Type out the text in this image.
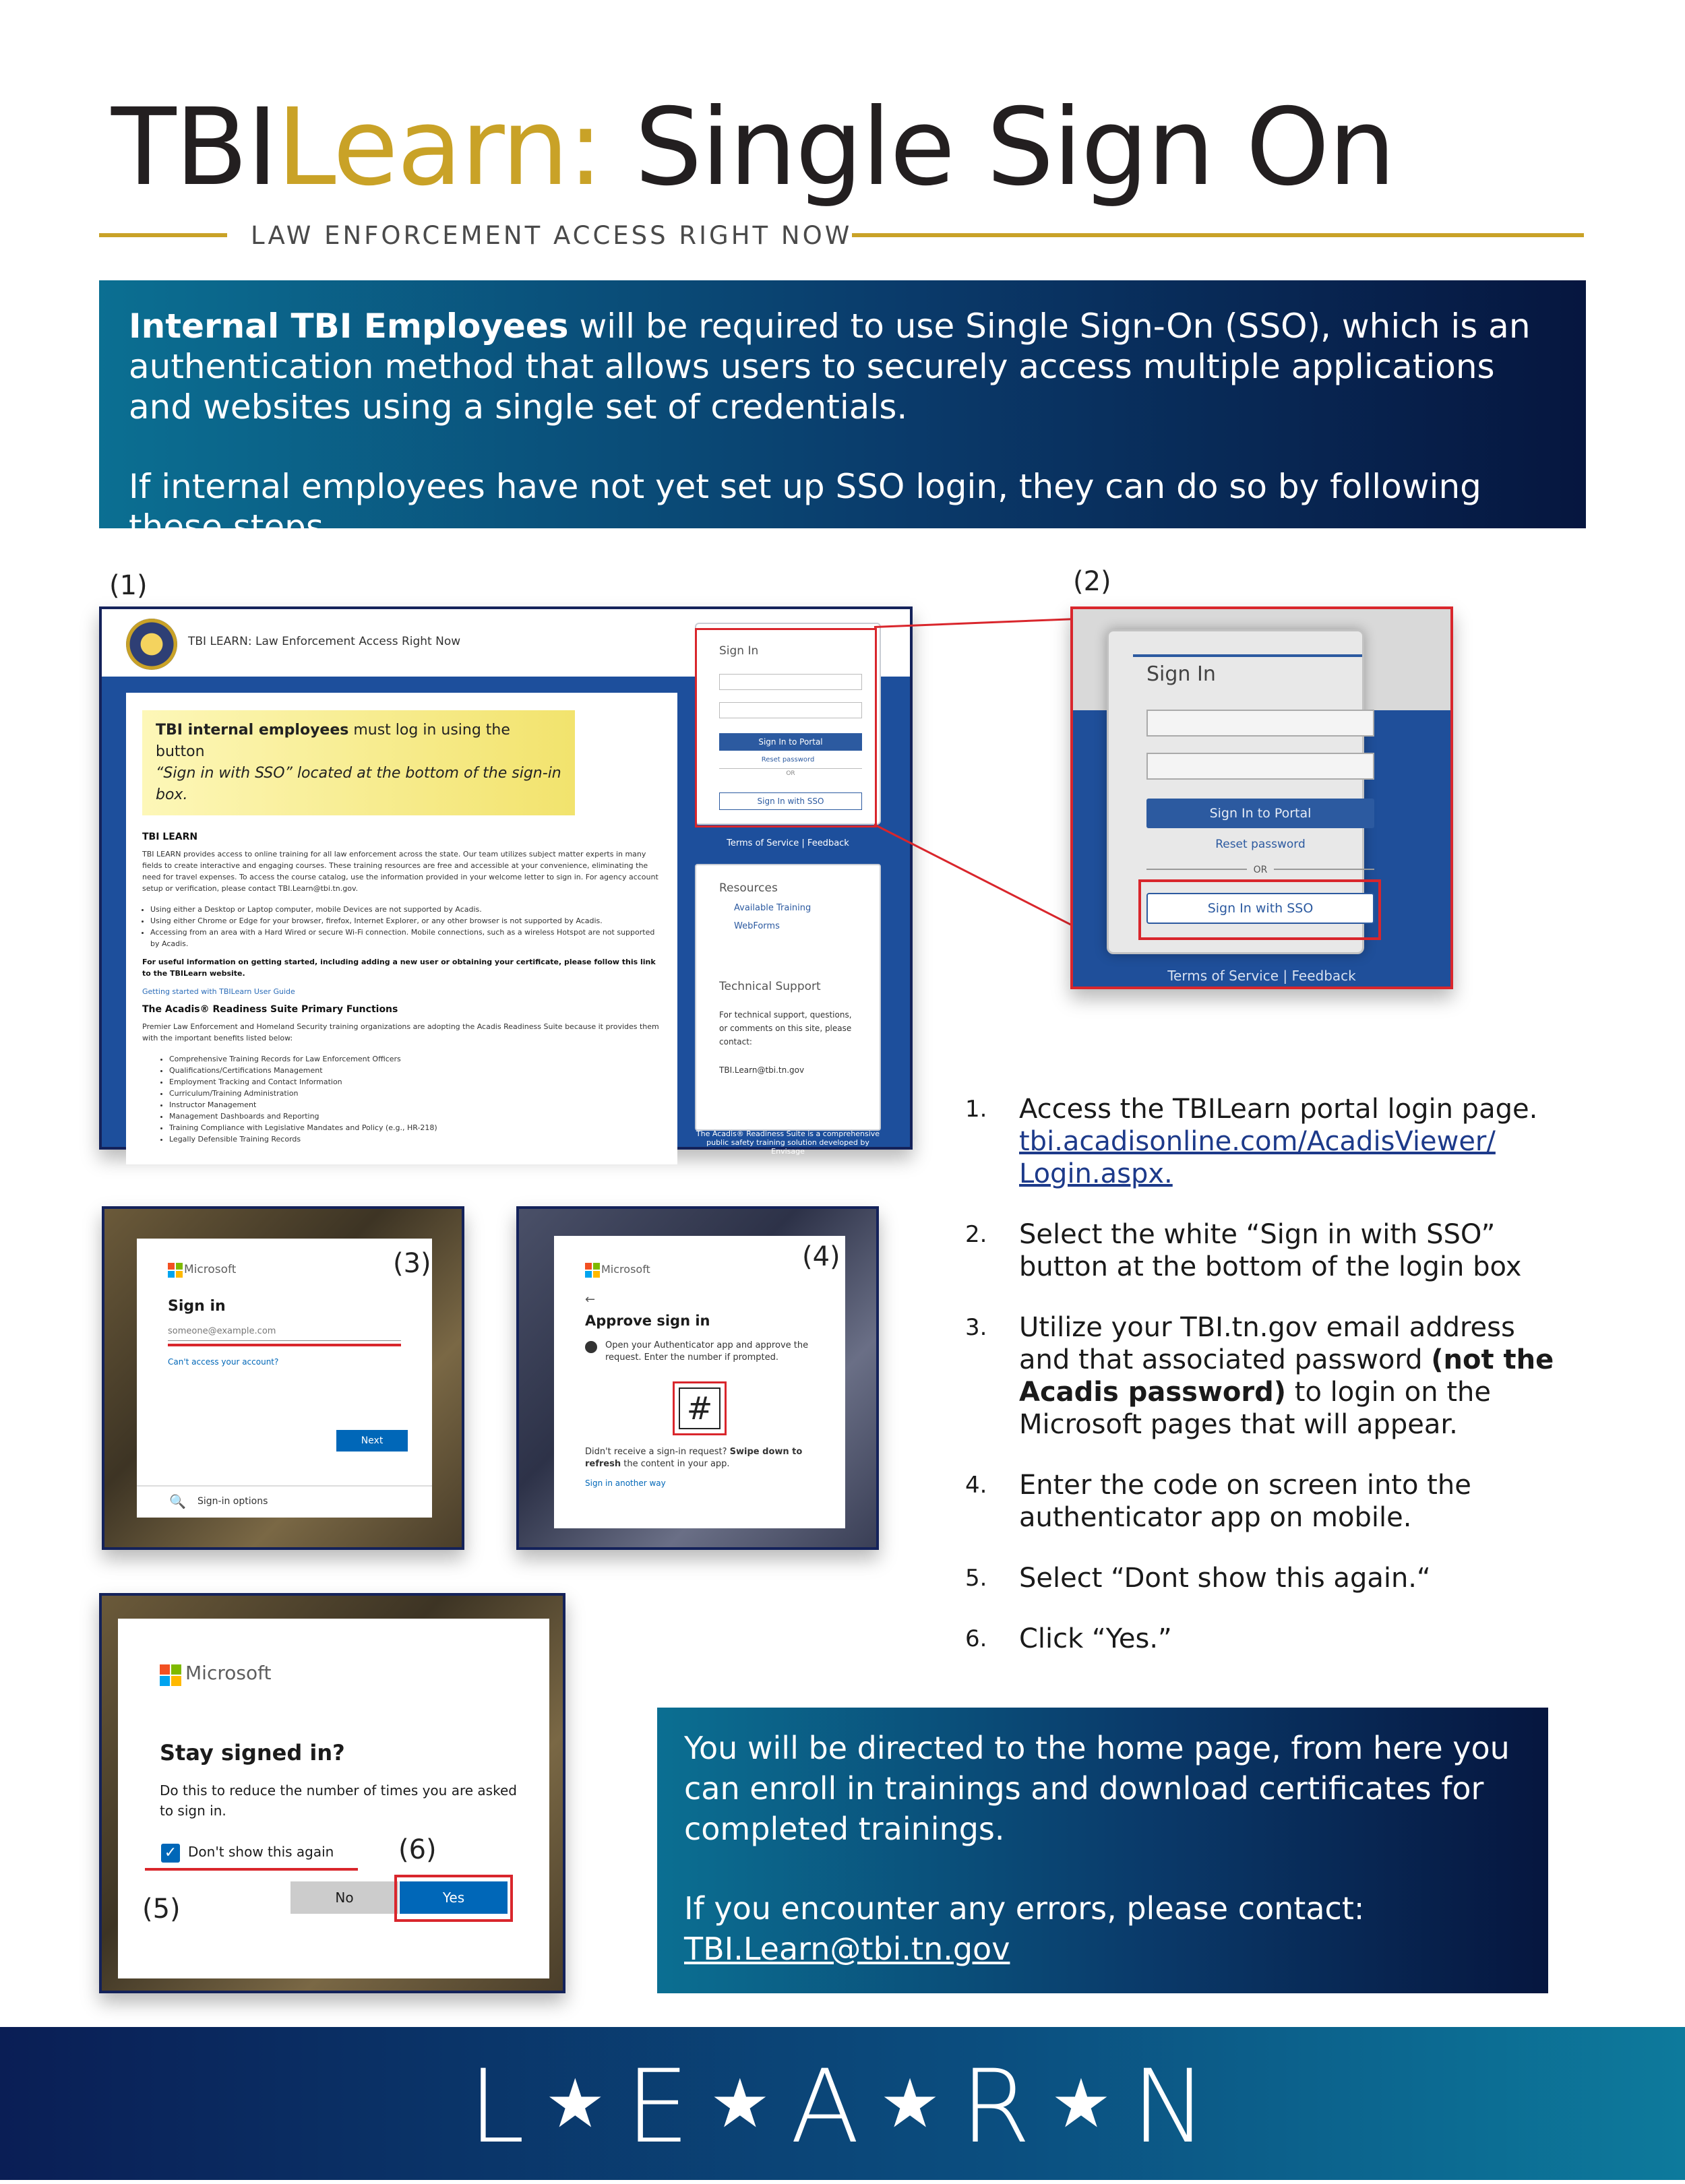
TBILearn: Single Sign On
LAW ENFORCEMENT ACCESS RIGHT NOW

Internal TBI Employees will be required to use Single Sign-On (SSO), which is an authentication method that allows users to securely access multiple applications and websites using a single set of credentials.

If internal employees have not yet set up SSO login, they can do so by following these steps.

(1)
TBI LEARN: Law Enforcement Access Right Now
TBI internal employees must log in using the button
“Sign in with SSO” located at the bottom of the sign-in box.
TBI LEARN
TBI LEARN provides access to online training for all law enforcement across the state. Our team utilizes subject matter experts in many fields to create interactive and engaging courses. These training resources are free and accessible at your convenience, eliminating the need for travel expenses. To access the course catalog, use the information provided in your welcome letter to sign in. For agency account setup or verification, please contact TBI.Learn@tbi.tn.gov.
• Using either a Desktop or Laptop computer, mobile Devices are not supported by Acadis.
• Using either Chrome or Edge for your browser, firefox, Internet Explorer, or any other browser is not supported by Acadis.
• Accessing from an area with a Hard Wired or secure Wi-Fi connection. Mobile connections, such as a wireless Hotspot are not supported by Acadis.
For useful information on getting started, including adding a new user or obtaining your certificate, please follow this link to the TBILearn website.
Getting started with TBILearn User Guide
The Acadis® Readiness Suite Primary Functions
Premier Law Enforcement and Homeland Security training organizations are adopting the Acadis Readiness Suite because it provides them with the important benefits listed below:
• Comprehensive Training Records for Law Enforcement Officers
• Qualifications/Certifications Management
• Employment Tracking and Contact Information
• Curriculum/Training Administration
• Instructor Management
• Management Dashboards and Reporting
• Training Compliance with Legislative Mandates and Policy (e.g., HR-218)
• Legally Defensible Training Records
Sign In
Sign In to Portal
Reset password
OR
Sign In with SSO
Terms of Service | Feedback
Resources
Available Training
WebForms
Technical Support
For technical support, questions, or comments on this site, please contact:
TBI.Learn@tbi.tn.gov
Powered by ACADIS
The Acadis® Readiness Suite is a comprehensive public safety training solution developed by Envisage
(2)
Sign In
Sign In to Portal
Reset password
OR
Sign In with SSO
Terms of Service | Feedback
Microsoft	(3)
Sign in
someone@example.com
Can't access your account?
Next
🔍 Sign-in options
Microsoft	(4)
←
Approve sign in
Open your Authenticator app and approve the request. Enter the number if prompted.
#
Didn't receive a sign-in request? Swipe down to refresh the content in your app.
Sign in another way
Microsoft
Stay signed in?
Do this to reduce the number of times you are asked to sign in.
✓ Don't show this again (6)
(5)	No	Yes
1. Access the TBILearn portal login page.
tbi.acadisonline.com/AcadisViewer/ Login.aspx.
2. Select the white “Sign in with SSO” button at the bottom of the login box
3. Utilize your TBI.tn.gov email address and that associated password (not the Acadis password) to login on the Microsoft pages that will appear.
4. Enter the code on screen into the authenticator app on mobile.
5. Select “Dont show this again.“
6. Click “Yes.”

You will be directed to the home page, from here you can enroll in trainings and download certificates for completed trainings.

If you encounter any errors, please contact:
TBI.Learn@tbi.tn.gov

L ★ E ★ A ★ R ★ N
